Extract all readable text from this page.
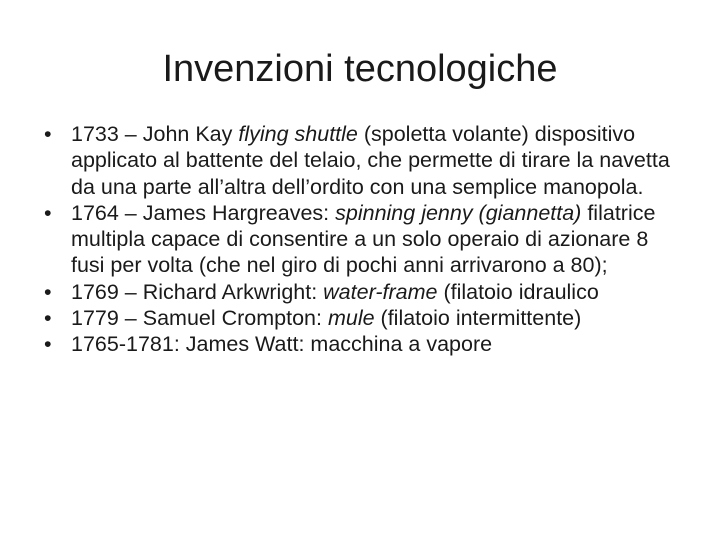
Invenzioni tecnologiche
• 1733 – John Kay flying shuttle (spoletta volante) dispositivo applicato al battente del telaio, che permette di tirare la navetta da una parte all’altra dell’ordito con una semplice manopola.
• 1764 – James Hargreaves: spinning jenny (giannetta) filatrice multipla capace di consentire a un solo operaio di azionare 8 fusi per volta (che nel giro di pochi anni arrivarono a 80);
• 1769 – Richard Arkwright: water-frame (filatoio idraulico
• 1779 – Samuel Crompton: mule (filatoio intermittente)
• 1765-1781: James Watt: macchina a vapore
